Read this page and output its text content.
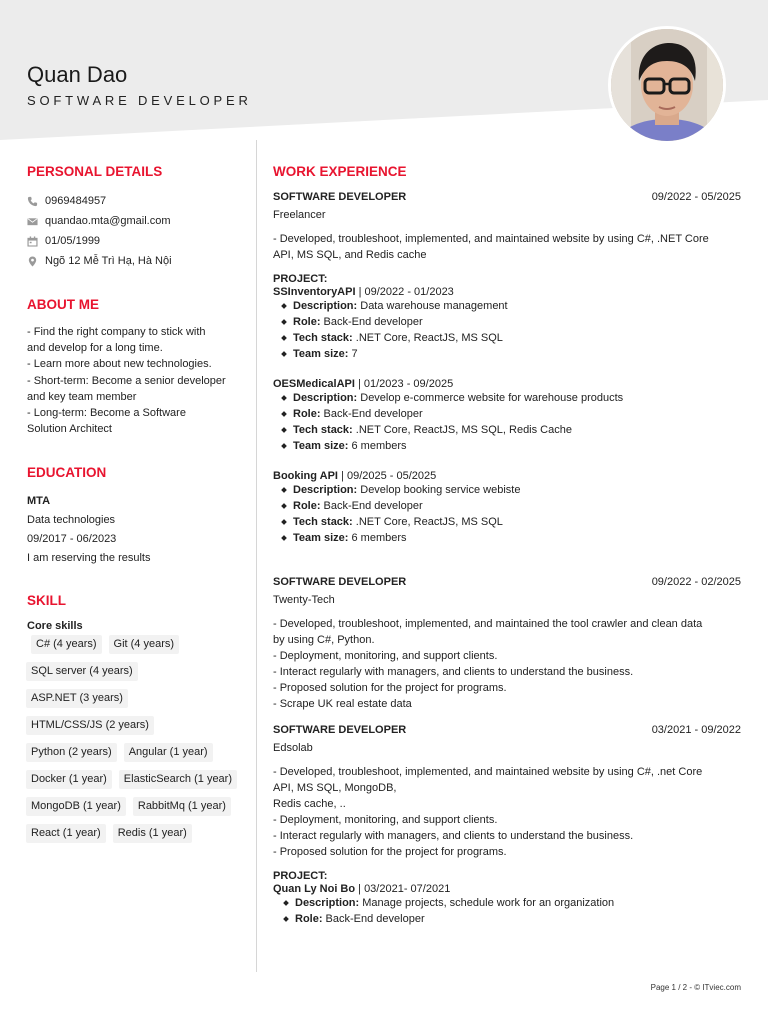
Quan Dao
SOFTWARE DEVELOPER
PERSONAL DETAILS
0969484957
quandao.mta@gmail.com
01/05/1999
Ngõ 12 Mễ Trì Hạ, Hà Nội
ABOUT ME
- Find the right company to stick with
and develop for a long time.
- Learn more about new technologies.
- Short-term: Become a senior developer
and key team member
- Long-term: Become a Software
Solution Architect
EDUCATION
MTA
Data technologies
09/2017 - 06/2023
I am reserving the results
SKILL
Core skills
C# (4 years)	Git (4 years)
SQL server (4 years)
ASP.NET (3 years)
HTML/CSS/JS (2 years)
Python (2 years)	Angular (1 year)
Docker (1 year)	ElasticSearch (1 year)
MongoDB (1 year)	RabbitMq (1 year)
React (1 year)	Redis (1 year)
WORK EXPERIENCE
SOFTWARE DEVELOPER	09/2022 - 05/2025
Freelancer
- Developed, troubleshoot, implemented, and maintained website by using C#, .NET Core
API, MS SQL, and Redis cache
PROJECT:
SSInventoryAPI | 09/2022 - 01/2023
Description: Data warehouse management
Role: Back-End developer
Tech stack: .NET Core, ReactJS, MS SQL
Team size: 7
OESMedicalAPI | 01/2023 - 09/2025
Description: Develop e-commerce website for warehouse products
Role: Back-End developer
Tech stack: .NET Core, ReactJS, MS SQL, Redis Cache
Team size: 6 members
Booking API | 09/2025 - 05/2025
Description: Develop booking service webiste
Role: Back-End developer
Tech stack: .NET Core, ReactJS, MS SQL
Team size: 6 members
SOFTWARE DEVELOPER	09/2022 - 02/2025
Twenty-Tech
- Developed, troubleshoot, implemented, and maintained the tool crawler and clean data
by using C#, Python.
- Deployment, monitoring, and support clients.
- Interact regularly with managers, and clients to understand the business.
- Proposed solution for the project for programs.
- Scrape UK real estate data
SOFTWARE DEVELOPER	03/2021 - 09/2022
Edsolab
- Developed, troubleshoot, implemented, and maintained website by using C#, .net Core
API, MS SQL, MongoDB,
Redis cache, ..
- Deployment, monitoring, and support clients.
- Interact regularly with managers, and clients to understand the business.
- Proposed solution for the project for programs.
PROJECT:
Quan Ly Noi Bo | 03/2021- 07/2021
Description: Manage projects, schedule work for an organization
Role: Back-End developer
Page 1 / 2 - © ITviec.com
